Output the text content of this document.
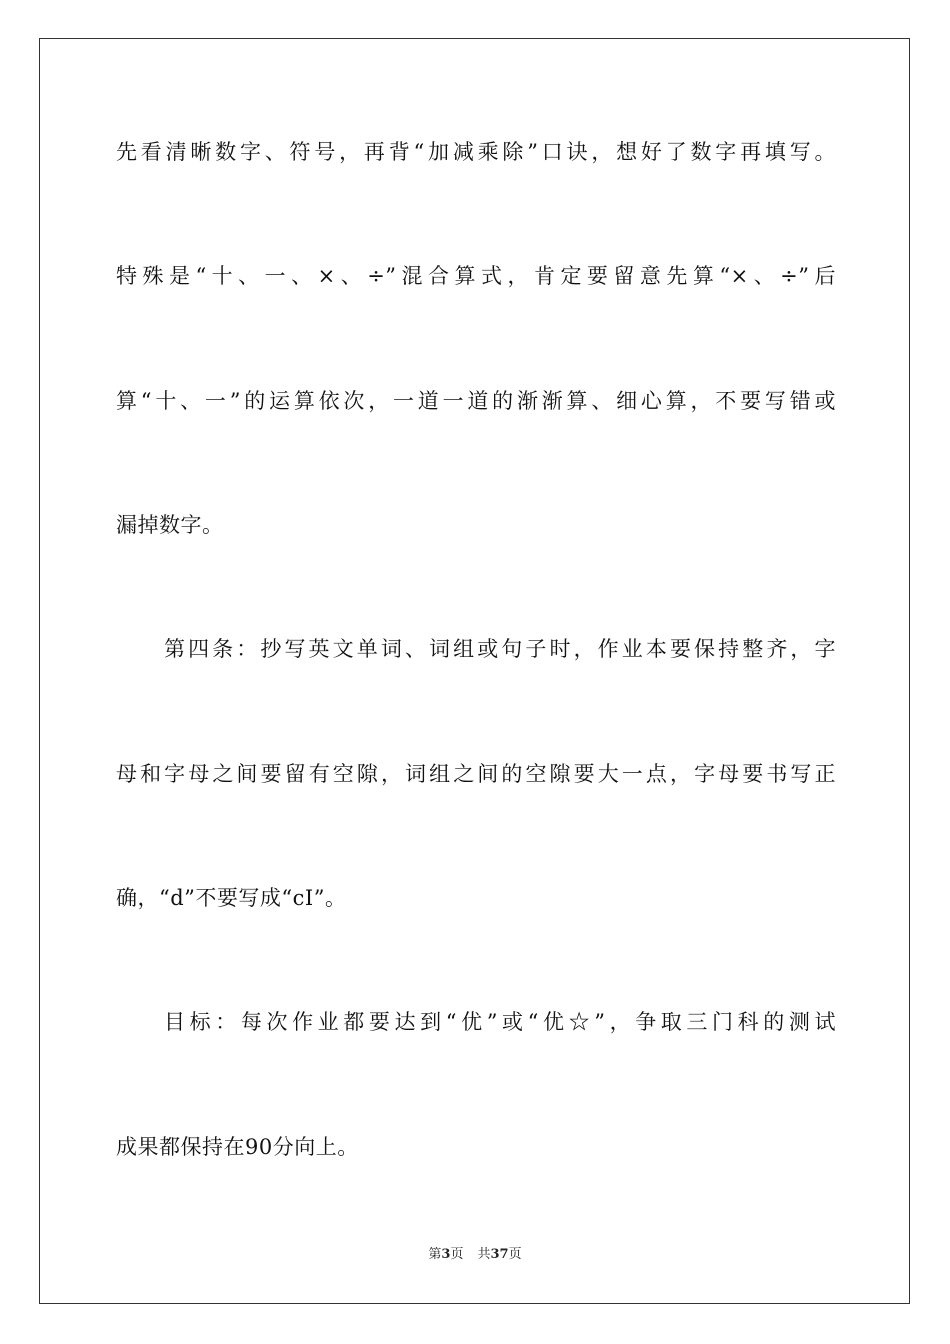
先看清晰数字、符号，再背“加减乘除”口诀，想好了数字再填写。
特殊是“十、一、×、÷”混合算式，肯定要留意先算“×、÷”后
算“十、一”的运算依次，一道一道的渐渐算、细心算，不要写错或
漏掉数字。
第四条：抄写英文单词、词组或句子时，作业本要保持整齐，字
母和字母之间要留有空隙，词组之间的空隙要大一点，字母要书写正
确，“d”不要写成“cI”。
目标：每次作业都要达到“优”或“优☆”，争取三门科的测试
成果都保持在90分向上。
第3页 共37页
